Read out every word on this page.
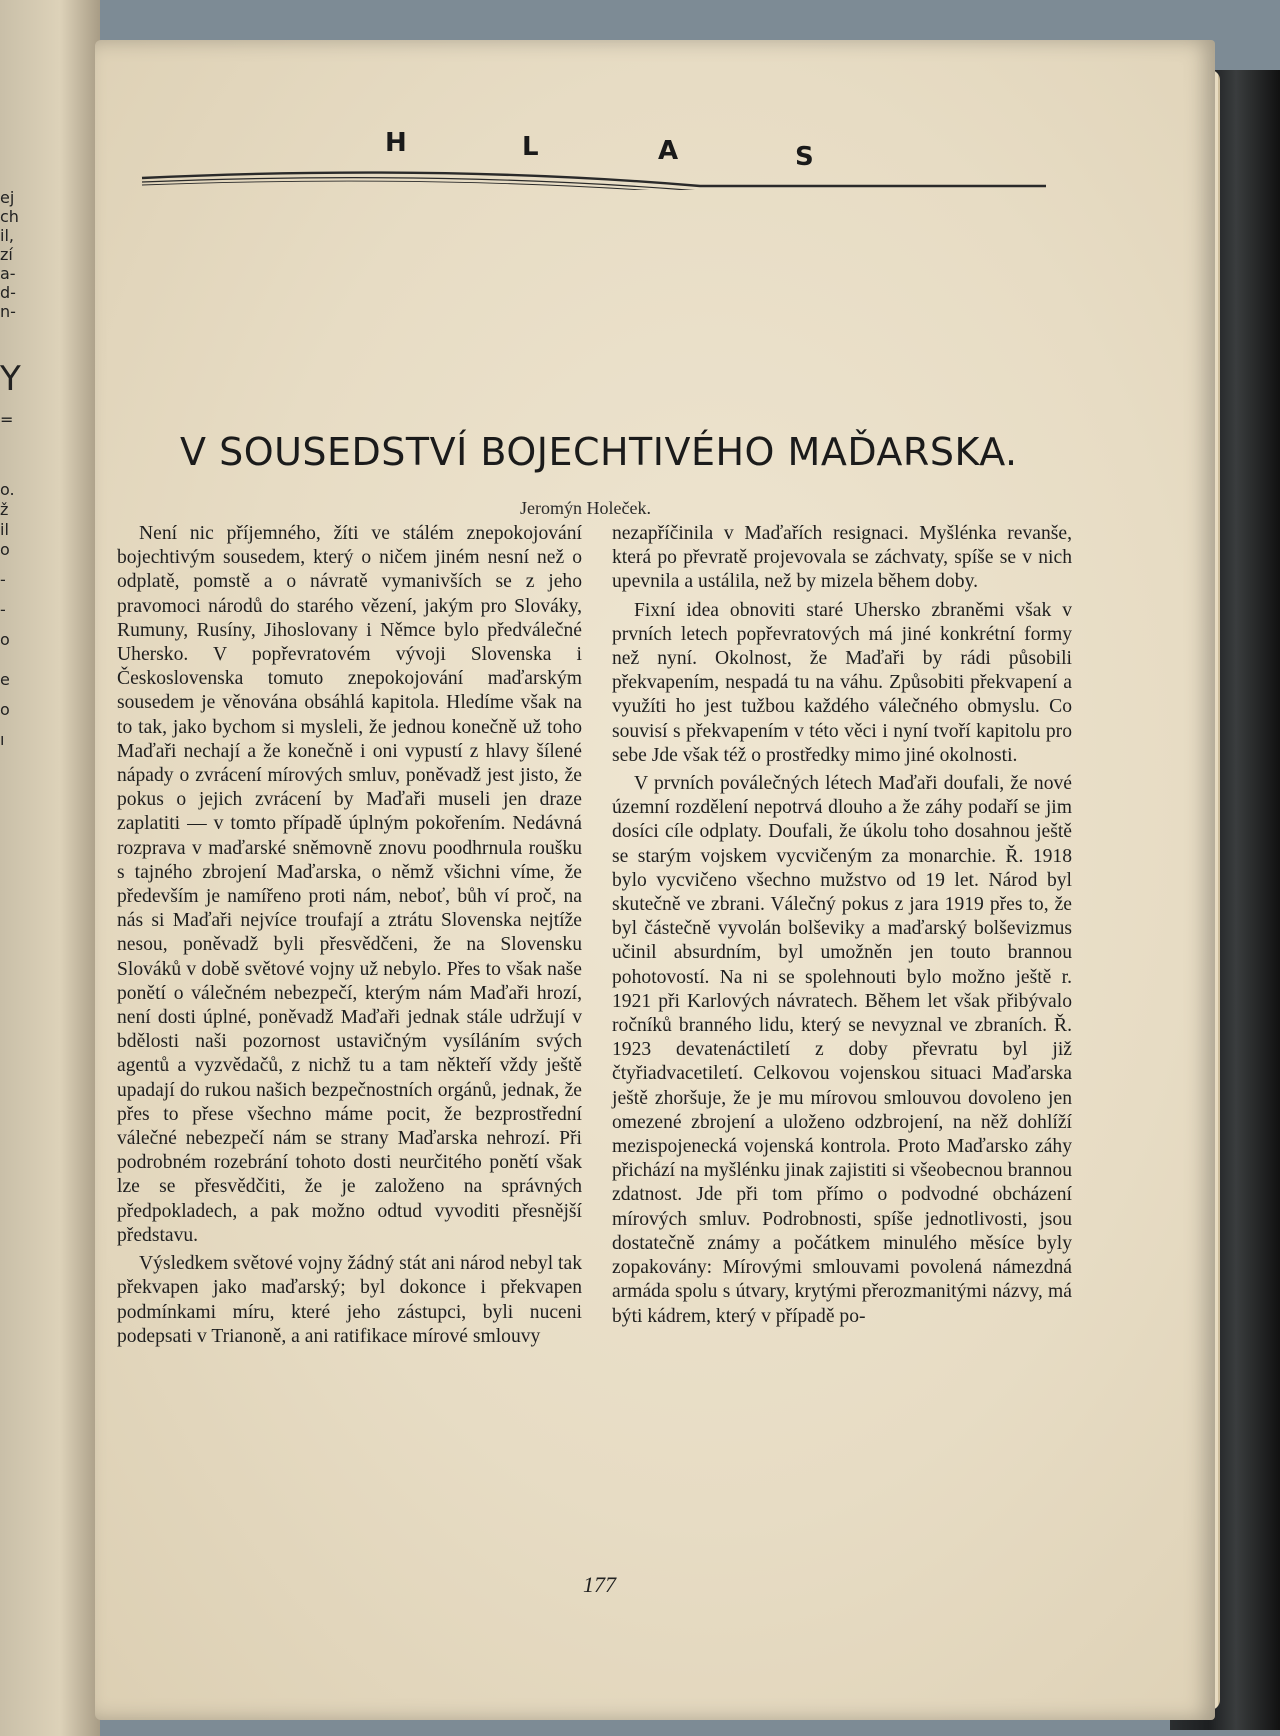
ej
ch
il,
zí
a-
d-
n-
Y
=
o.
ž
il
o
-
-
o
e
o
ı
H	L	A	S
V SOUSEDSTVÍ BOJECHTIVÉHO MAĎARSKA.
Jeromýn Holeček.

Není nic příjemného, žíti ve stálém znepokojování bojechtivým sousedem, který o ničem jiném nesní než o odplatě, pomstě a o návratě vymanivších se z jeho pravomoci národů do starého vězení, jakým pro Slováky, Rumuny, Rusíny, Jihoslovany i Němce bylo předválečné Uhersko. V popřevratovém vývoji Slovenska i Československa tomuto znepokojování maďarským sousedem je věnována obsáhlá kapitola. Hledíme však na to tak, jako bychom si mysleli, že jednou konečně už toho Maďaři nechají a že konečně i oni vypustí z hlavy šílené nápady o zvrácení mírových smluv, poněvadž jest jisto, že pokus o jejich zvrácení by Maďaři museli jen draze zaplatiti — v tomto případě úplným pokořením. Nedávná rozprava v maďarské sněmovně znovu poodhrnula roušku s tajného zbrojení Maďarska, o němž všichni víme, že především je namířeno proti nám, neboť, bůh ví proč, na nás si Maďaři nejvíce troufají a ztrátu Slovenska nejtíže nesou, poněvadž byli přesvědčeni, že na Slovensku Slováků v době světové vojny už nebylo. Přes to však naše ponětí o válečném nebezpečí, kterým nám Maďaři hrozí, není dosti úplné, poněvadž Maďaři jednak stále udržují v bdělosti naši pozornost ustavičným vysíláním svých agentů a vyzvědačů, z nichž tu a tam někteří vždy ještě upadají do rukou našich bezpečnostních orgánů, jednak, že přes to přese všechno máme pocit, že bezprostřední válečné nebezpečí nám se strany Maďarska nehrozí. Při podrobném rozebrání tohoto dosti neurčitého ponětí však lze se přesvědčiti, že je založeno na správných předpokladech, a pak možno odtud vyvoditi přesnější představu.

Výsledkem světové vojny žádný stát ani národ nebyl tak překvapen jako maďarský; byl dokonce i překvapen podmínkami míru, které jeho zástupci, byli nuceni podepsati v Trianoně, a ani ratifikace mírové smlouvy

nezapříčinila v Maďařích resignaci. Myšlénka revanše, která po převratě projevovala se záchvaty, spíše se v nich upevnila a ustálila, než by mizela během doby.

Fixní idea obnoviti staré Uhersko zbraněmi však v prvních letech popřevratových má jiné konkrétní formy než nyní. Okolnost, že Maďaři by rádi působili překvapením, nespadá tu na váhu. Způsobiti překvapení a využíti ho jest tužbou každého válečného obmyslu. Co souvisí s překvapením v této věci i nyní tvoří kapitolu pro sebe Jde však též o prostředky mimo jiné okolnosti.

V prvních poválečných létech Maďaři doufali, že nové územní rozdělení nepotrvá dlouho a že záhy podaří se jim dosíci cíle odplaty. Doufali, že úkolu toho dosahnou ještě se starým vojskem vycvičeným za monarchie. Ř. 1918 bylo vycvičeno všechno mužstvo od 19 let. Národ byl skutečně ve zbrani. Válečný pokus z jara 1919 přes to, že byl částečně vyvolán bolševiky a maďarský bolševizmus učinil absurdním, byl umožněn jen touto brannou pohotovostí. Na ni se spolehnouti bylo možno ještě r. 1921 při Karlových návratech. Během let však přibývalo ročníků branného lidu, který se nevyznal ve zbraních. Ř. 1923 devatenáctiletí z doby převratu byl již čtyřiadvacetiletí. Celkovou vojenskou situaci Maďarska ještě zhoršuje, že je mu mírovou smlouvou dovoleno jen omezené zbrojení a uloženo odzbrojení, na něž dohlíží mezispojenecká vojenská kontrola. Proto Maďarsko záhy přichází na myšlénku jinak zajistiti si všeobecnou brannou zdatnost. Jde při tom přímo o podvodné obcházení mírových smluv. Podrobnosti, spíše jednotlivosti, jsou dostatečně známy a počátkem minulého měsíce byly zopakovány: Mírovými smlouvami povolená námezdná armáda spolu s útvary, krytými přerozmanitými názvy, má býti kádrem, který v případě po-

177
